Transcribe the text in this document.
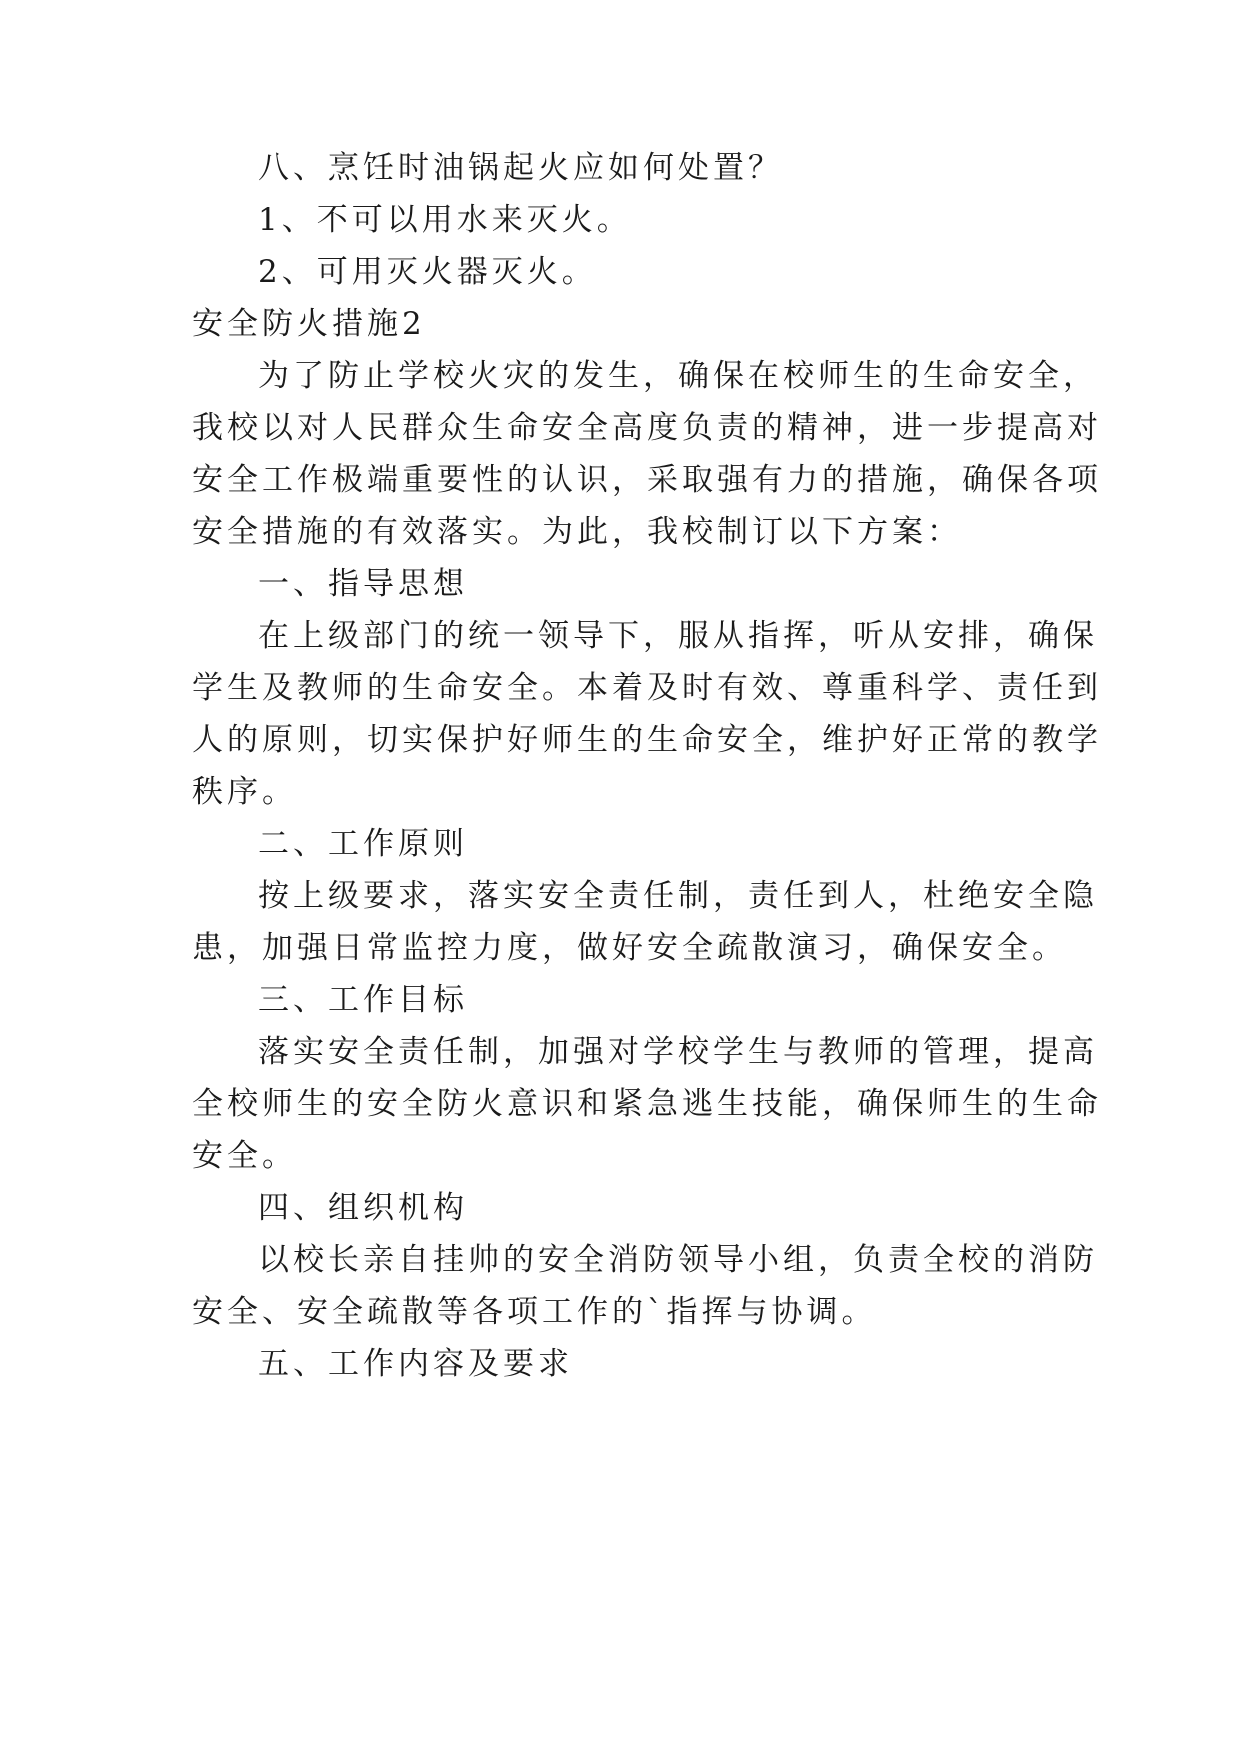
八、烹饪时油锅起火应如何处置？
1、不可以用水来灭火。
2、可用灭火器灭火。
安全防火措施2
为了防止学校火灾的发生，确保在校师生的生命安全，
我校以对人民群众生命安全高度负责的精神，进一步提高对
安全工作极端重要性的认识，采取强有力的措施，确保各项
安全措施的有效落实。为此，我校制订以下方案：
一、指导思想
在上级部门的统一领导下，服从指挥，听从安排，确保
学生及教师的生命安全。本着及时有效、尊重科学、责任到
人的原则，切实保护好师生的生命安全，维护好正常的教学
秩序。
二、工作原则
按上级要求，落实安全责任制，责任到人，杜绝安全隐
患，加强日常监控力度，做好安全疏散演习，确保安全。
三、工作目标
落实安全责任制，加强对学校学生与教师的管理，提高
全校师生的安全防火意识和紧急逃生技能，确保师生的生命
安全。
四、组织机构
以校长亲自挂帅的安全消防领导小组，负责全校的消防
安全、安全疏散等各项工作的`指挥与协调。
五、工作内容及要求
